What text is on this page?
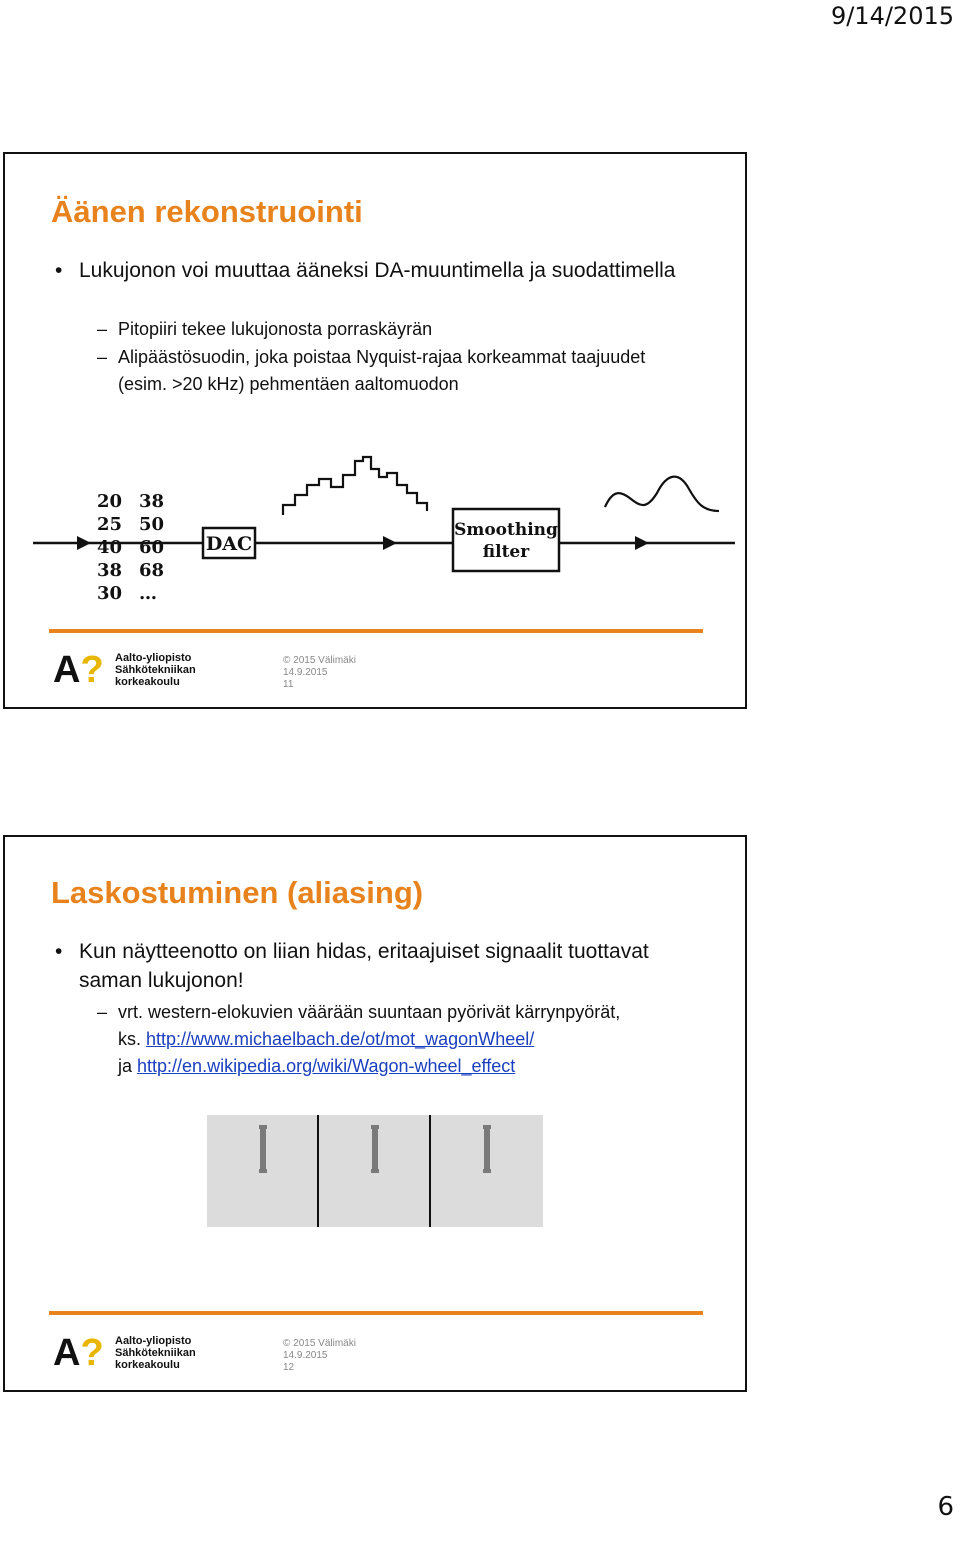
9/14/2015
Äänen rekonstruointi
• Lukujonon voi muuttaa ääneksi DA-muuntimella ja suodattimella
– Pitopiiri tekee lukujonosta porraskäyrän
– Alipäästösuodin, joka poistaa Nyquist-rajaa korkeammat taajuudet (esim. >20 kHz) pehmentäen aaltomuodon
20
25
40
38
30
38
50
60
68
…
DAC
Smoothing
filter
A? Aalto-yliopisto
Sähkötekniikan
korkeakoulu
© 2015 Välimäki
14.9.2015
11
Laskostuminen (aliasing)
• Kun näytteenotto on liian hidas, eritaajuiset signaalit tuottavat saman lukujonon!
– vrt. western-elokuvien väärään suuntaan pyörivät kärrynpyörät,
ks. http://www.michaelbach.de/ot/mot_wagonWheel/
ja http://en.wikipedia.org/wiki/Wagon-wheel_effect
A? Aalto-yliopisto
Sähkötekniikan
korkeakoulu
© 2015 Välimäki
14.9.2015
12
6
